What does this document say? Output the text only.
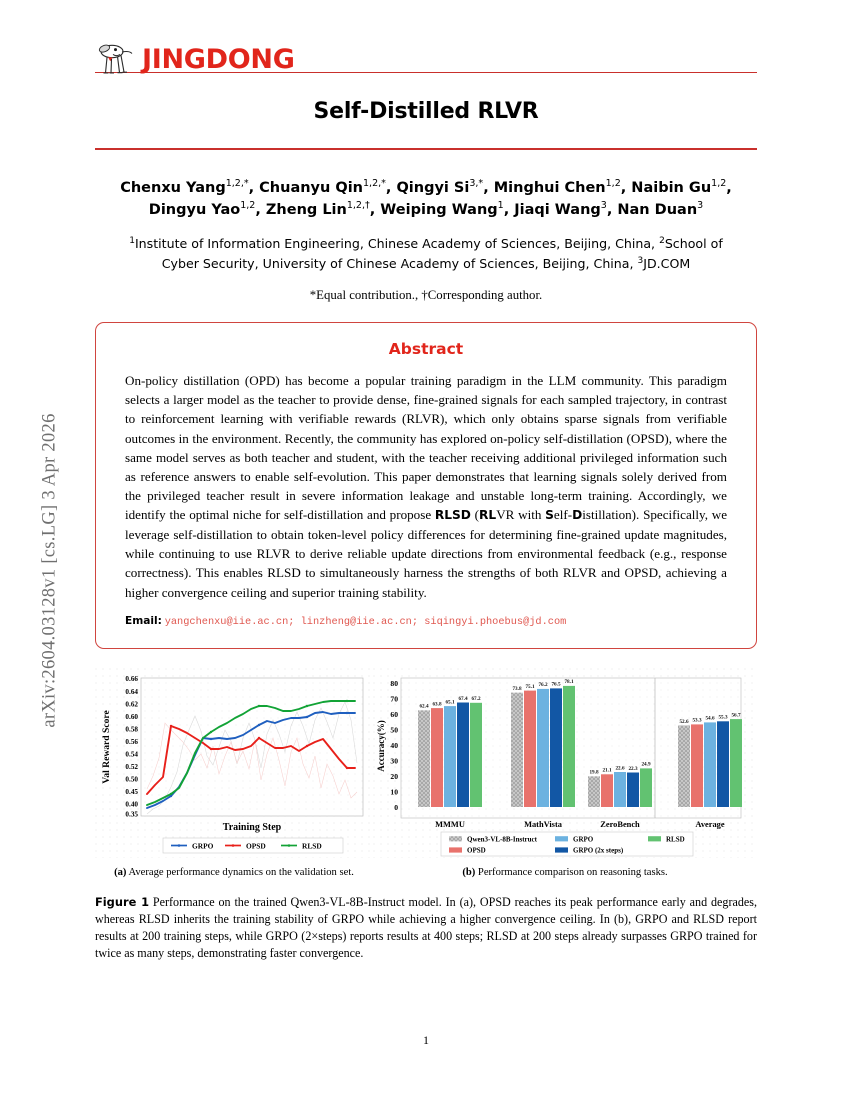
arXiv:2604.03128v1 [cs.LG] 3 Apr 2026
JINGDONG
Self-Distilled RLVR
Chenxu Yang$^{1,2,*}$, Chuanyu Qin$^{1,2,*}$, Qingyi $Si^{3,*}$, Minghui Chen$^{1,2}$, Naibin Gu$^{1,2}$,
Dingyu Yao$^{1,2}$, Zheng Lin$^{1,2,\dagger}$, Weiping Wang$^1$, Jiaqi Wang$^3$, Nan Duan$^3$
$^1$Institute of Information Engineering, Chinese Academy of Sciences, Beijing, China, $^2$School of
Cyber Security, University of Chinese Academy of Sciences, Beijing, China, $^3$JD.COM
*Equal contribution., †Corresponding author.
Abstract
On-policy distillation (OPD) has become a popular training paradigm in the LLM community. This paradigm selects a larger model as the teacher to provide dense, fine-grained signals for each sampled trajectory, in contrast to reinforcement learning with verifiable rewards (RLVR), which only obtains sparse signals from verifiable outcomes in the environment. Recently, the community has explored on-policy self-distillation (OPSD), where the same model serves as both teacher and student, with the teacher receiving additional privileged information such as reference answers to enable self-evolution. This paper demonstrates that learning signals solely derived from the privileged teacher result in severe information leakage and unstable long-term training. Accordingly, we identify the optimal niche for self-distillation and propose RLSD (RLVR with Self-Distillation). Specifically, we leverage self-distillation to obtain token-level policy differences for determining fine-grained update magnitudes, while continuing to use RLVR to derive reliable update directions from environmental feedback (e.g., response correctness). This enables RLSD to simultaneously harness the strengths of both RLVR and OPSD, achieving a higher convergence ceiling and superior training stability.
Email: yangchenxu@iie.ac.cn; linzheng@iie.ac.cn; siqingyi.phoebus@jd.com
0.66
0.64
0.62
0.60
0.58
0.56
0.54
0.52
0.50
0.45
0.40
0.35
Val Reward Score
Training Step
GRPO	OPSD	RLSD
(a) Average performance dynamics on the validation set.
80
70
60
50
40
30
20
10
0
Accuracy(%)
62.4 63.8 65.1
67.4 67.2
MMMU
73.8 75.1 76.2 76.5 78.1
MathVista
19.8 21.1 22.6 22.3
24.9
ZeroBench
52.6 53.3 54.6 55.3 56.7
Average
Qwen3-VL-8B-Instruct
OPSD
GRPO
GRPO (2x steps)
RLSD
(b) Performance comparison on reasoning tasks.
Figure 1 Performance on the trained Qwen3-VL-8B-Instruct model. In (a), OPSD reaches its peak performance early and degrades, whereas RLSD inherits the training stability of GRPO while achieving a higher convergence ceiling. In (b), GRPO and RLSD report results at 200 training steps, while GRPO (2×steps) reports results at 400 steps; RLSD at 200 steps already surpasses GRPO trained for twice as many steps, demonstrating faster convergence.
1
